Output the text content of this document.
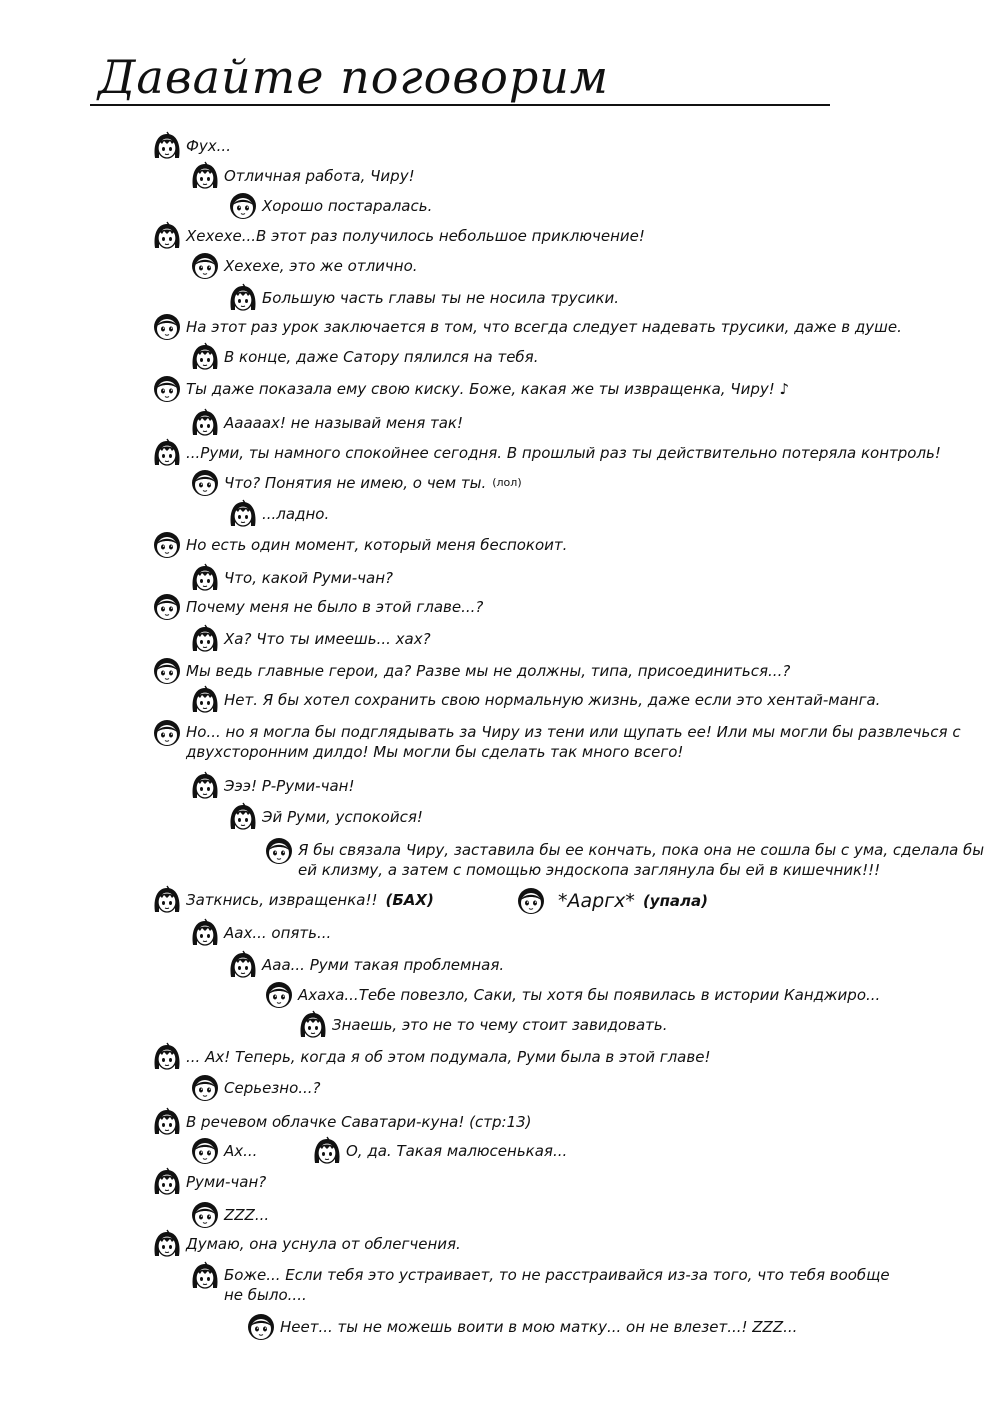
Давайте поговорим
Фух...
Отличная работа, Чиру!
Хорошо постаралась.
Хехехе...В этот раз получилось небольшое приключение!
Хехехе, это же отлично.
Большую часть главы ты не носила трусики.
На этот раз урок заключается в том, что всегда следует надевать трусики, даже в душе.
В конце, даже Сатору пялился на тебя.
Ты даже показала ему свою киску. Боже, какая же ты извращенка, Чиру! ♪
Аааааx! не называй меня так!
...Руми, ты намного спокойнее сегодня. В прошлый раз ты действительно потеряла контроль!
Что? Понятия не имею, о чем ты. (лол)
...ладно.
Но есть один момент, который меня беспокоит.
Что, какой Руми-чан?
Почему меня не было в этой главе...?
Ха? Что ты имеешь... хах?
Мы ведь главные герои, да? Разве мы не должны, типа, присоединиться...?
Нет. Я бы хотел сохранить свою нормальную жизнь, даже если это хентай-манга.
Но... но я могла бы подглядывать за Чиру из тени или щупать ее! Или мы могли бы развлечься с двухсторонним дилдо! Мы могли бы сделать так много всего!
Эээ! Р-Руми-чан!
Эй Руми, успокойся!
Я бы связала Чиру, заставила бы ее кончать, пока она не сошла бы с ума, сделала бы ей клизму, а затем с помощью эндоскопа заглянула бы ей в кишечник!!!
Заткнись, извращенка!! (БАХ)	*Ааргх* (упала)
Аах... опять...
Ааа... Руми такая проблемная.
Ахаха...Тебе повезло, Саки, ты хотя бы появилась в истории Канджиро...
Знаешь, это не то чему стоит завидовать.
... Ах! Теперь, когда я об этом подумала, Руми была в этой главе!
Серьезно...?
В речевом облачке Саватари-куна! (стр:13)
Ах...	О, да. Такая малюсенькая...
Руми-чан?
ZZZ...
Думаю, она уснула от облегчения.
Боже... Если тебя это устраивает, то не расстраивайся из-за того, что тебя вообще не было....
Неет... ты не можешь воити в мою матку... он не влезет...! ZZZ...
